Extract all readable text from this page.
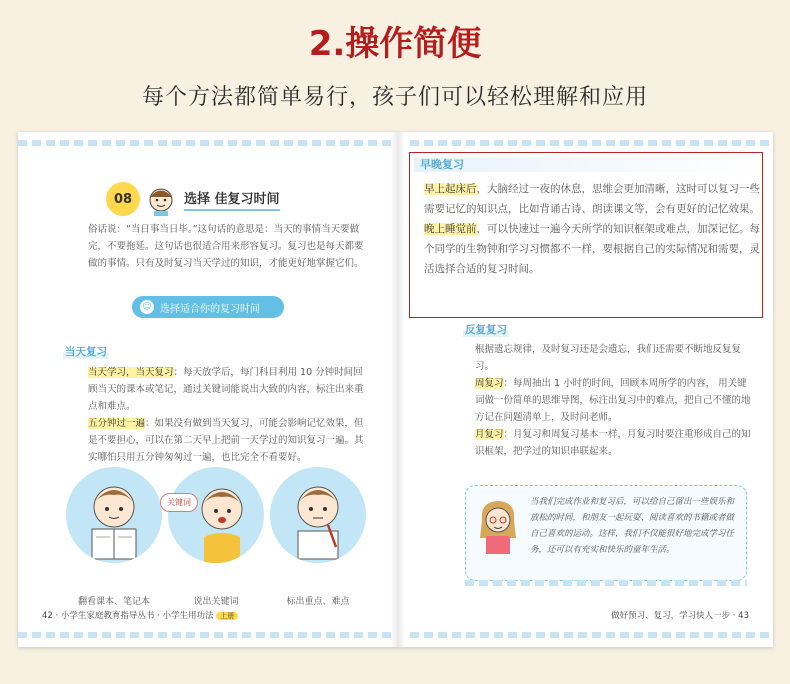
2.操作简便
每个方法都简单易行，孩子们可以轻松理解和应用
08	选择 佳复习时间

俗话说：“当日事当日毕。”这句话的意思是：当天的事情当天要做完，不要拖延。这句话也很适合用来形容复习。复习也是每天都要做的事情。只有及时复习当天学过的知识，才能更好地掌握它们。

☺ 选择适合你的复习时间
当天复习
当天学习，当天复习：每天放学后，每门科目利用 10 分钟时间回顾当天的课本或笔记，通过关键词能说出大致的内容，标注出来重点和难点。
五分钟过一遍：如果没有做到当天复习，可能会影响记忆效果，但是不要担心，可以在第二天早上把前一天学过的知识复习一遍。其实哪怕只用五分钟匆匆过一遍，也比完全不看要好。
翻看课本、笔记本
关键词
说出关键词	标出重点、难点
42 · 小学生家庭教育指导丛书 · 小学生用功法 上册
早晚复习
早上起床后，大脑经过一夜的休息，思维会更加清晰，这时可以复习一些需要记忆的知识点，比如背诵古诗、朗读课文等，会有更好的记忆效果。
晚上睡觉前，可以快速过一遍今天所学的知识框架或难点，加深记忆。每个同学的生物钟和学习习惯都不一样，要根据自己的实际情况和需要，灵活选择合适的复习时间。
反复复习
根据遗忘规律，及时复习还是会遗忘，我们还需要不断地反复复习。
周复习：每周抽出 1 小时的时间，回顾本周所学的内容， 用关键词做一份简单的思维导图，标注出复习中的难点，把自己不懂的地方记在问题清单上，及时问老师。
月复习：月复习和周复习基本一样，月复习时要注重形成自己的知识框架，把学过的知识串联起来。
当我们完成作业和复习后，可以给自己留出一些娱乐和放松的时间，和朋友一起玩耍、阅读喜欢的书籍或者做自己喜欢的运动。这样，我们不仅能很好地完成学习任务，还可以有充实和快乐的童年生活。
做好预习、复习，学习快人一步 · 43
